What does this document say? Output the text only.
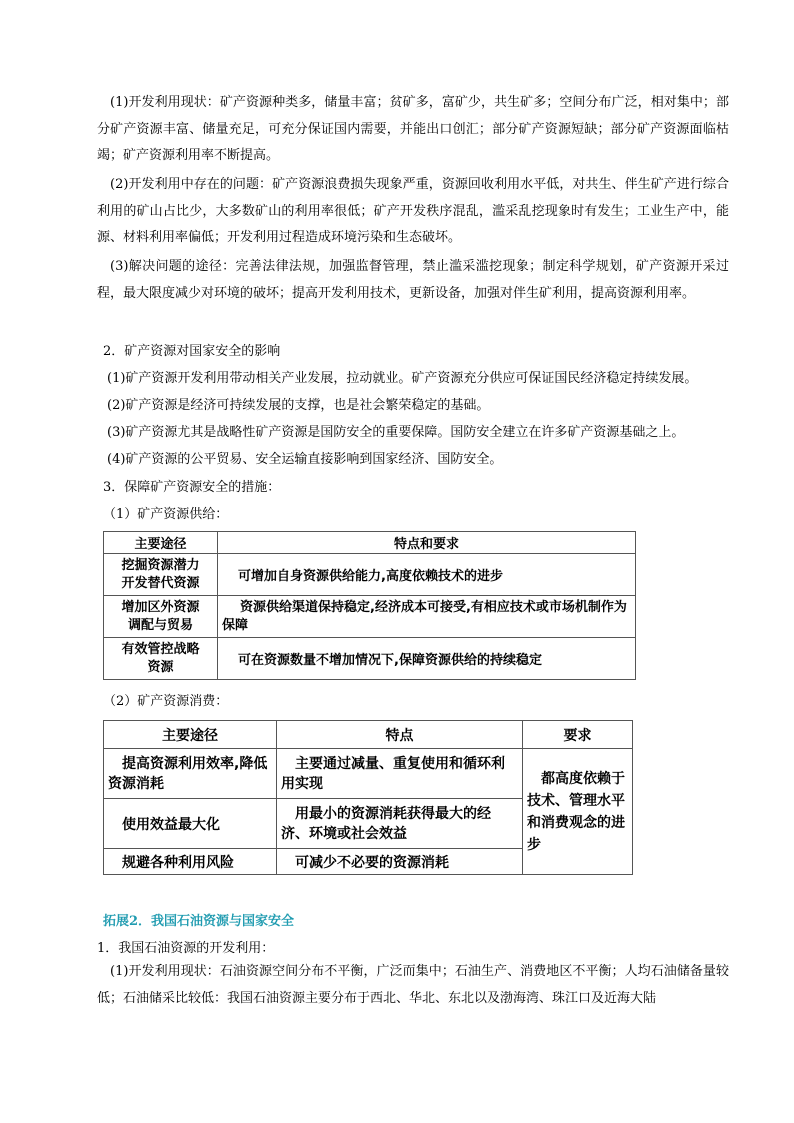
(1)开发利用现状：矿产资源种类多，储量丰富；贫矿多，富矿少，共生矿多；空间分布广泛，相对集中；部分矿产资源丰富、储量充足，可充分保证国内需要，并能出口创汇；部分矿产资源短缺；部分矿产资源面临枯竭；矿产资源利用率不断提高。

(2)开发利用中存在的问题：矿产资源浪费损失现象严重，资源回收利用水平低，对共生、伴生矿产进行综合利用的矿山占比少，大多数矿山的利用率很低；矿产开发秩序混乱，滥采乱挖现象时有发生；工业生产中，能源、材料利用率偏低；开发利用过程造成环境污染和生态破坏。

(3)解决问题的途径：完善法律法规，加强监督管理，禁止滥采滥挖现象；制定科学规划，矿产资源开采过程，最大限度减少对环境的破坏；提高开发利用技术，更新设备，加强对伴生矿利用，提高资源利用率。

2．矿产资源对国家安全的影响

(1)矿产资源开发利用带动相关产业发展，拉动就业。矿产资源充分供应可保证国民经济稳定持续发展。

(2)矿产资源是经济可持续发展的支撑，也是社会繁荣稳定的基础。

(3)矿产资源尤其是战略性矿产资源是国防安全的重要保障。国防安全建立在许多矿产资源基础之上。

(4)矿产资源的公平贸易、安全运输直接影响到国家经济、国防安全。

3．保障矿产资源安全的措施：

（1）矿产资源供给：

主要途径	特点和要求
挖掘资源潜力
开发替代资源	可增加自身资源供给能力,高度依赖技术的进步
增加区外资源
调配与贸易	资源供给渠道保持稳定,经济成本可接受,有相应技术或市场机制作为保障
有效管控战略
资源	可在资源数量不增加情况下,保障资源供给的持续稳定

（2）矿产资源消费：

主要途径	特点	要求
提高资源利用效率,降低资源消耗	主要通过减量、重复使用和循环利用实现	都高度依赖于技术、管理水平和消费观念的进步
使用效益最大化	用最小的资源消耗获得最大的经济、环境或社会效益	
规避各种利用风险	可减少不必要的资源消耗	

拓展2．我国石油资源与国家安全

1．我国石油资源的开发利用：

(1)开发利用现状：石油资源空间分布不平衡，广泛而集中；石油生产、消费地区不平衡；人均石油储备量较低；石油储采比较低：我国石油资源主要分布于西北、华北、东北以及渤海湾、珠江口及近海大陆
